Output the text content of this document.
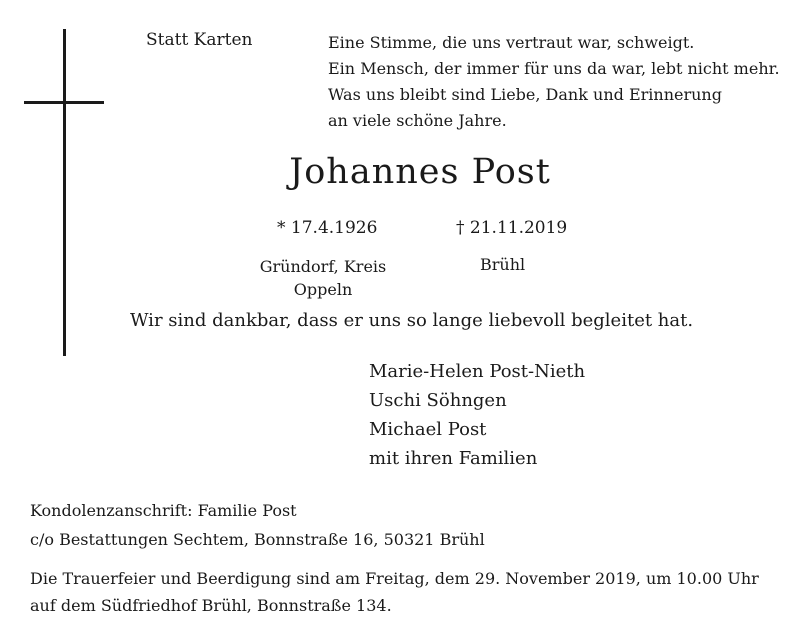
Statt Karten	Eine Stimme, die uns vertraut war, schweigt.
Ein Mensch, der immer für uns da war, lebt nicht mehr.
Was uns bleibt sind Liebe, Dank und Erinnerung
an viele schöne Jahre.
Johannes Post
* 17.4.1926	† 21.11.2019
Gründorf, Kreis
Oppeln
Brühl
Wir sind dankbar, dass er uns so lange liebevoll begleitet hat.
Marie-Helen Post-Nieth
Uschi Söhngen
Michael Post
mit ihren Familien
Kondolenzanschrift: Familie Post
c/o Bestattungen Sechtem, Bonnstraße 16, 50321 Brühl
Die Trauerfeier und Beerdigung sind am Freitag, dem 29. November 2019, um 10.00 Uhr
auf dem Südfriedhof Brühl, Bonnstraße 134.
